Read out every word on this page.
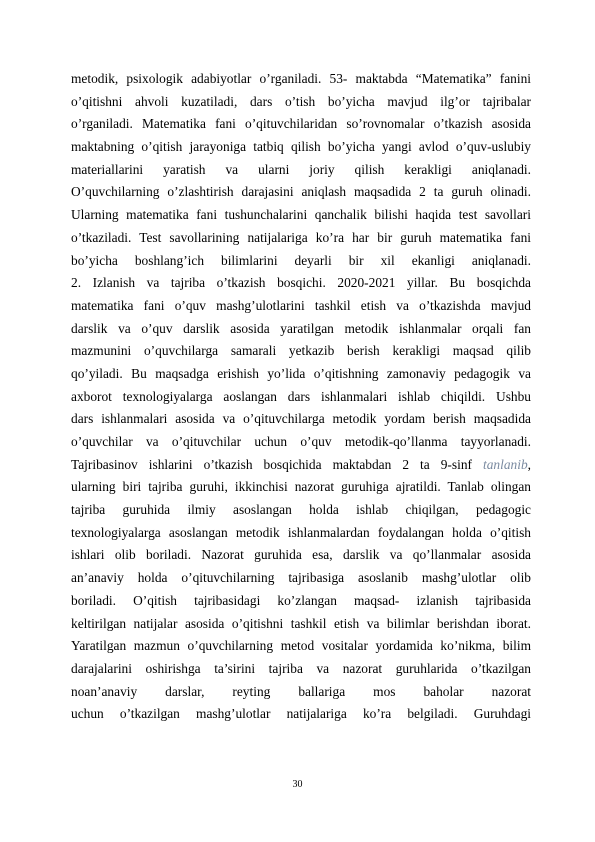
metodik, psixologik adabiyotlar o’rganiladi. 53- maktabda “Matematika” fanini
o’qitishni ahvoli kuzatiladi, dars o’tish bo’yicha mavjud ilg’or tajribalar
o’rganiladi. Matematika fani o’qituvchilaridan so’rovnomalar o’tkazish asosida
maktabning o’qitish jarayoniga tatbiq qilish bo’yicha yangi avlod o’quv-uslubiy
materiallarini yaratish va ularni joriy qilish kerakligi aniqlanadi.
O’quvchilarning o’zlashtirish darajasini aniqlash maqsadida 2 ta guruh olinadi.
Ularning matematika fani tushunchalarini qanchalik bilishi haqida test savollari
o’tkaziladi. Test savollarining natijalariga ko’ra har bir guruh matematika fani
bo’yicha boshlang’ich bilimlarini deyarli bir xil ekanligi aniqlanadi.
2. Izlanish va tajriba o’tkazish bosqichi. 2020-2021 yillar. Bu bosqichda
matematika fani o’quv mashg’ulotlarini tashkil etish va o’tkazishda mavjud
darslik va o’quv darslik asosida yaratilgan metodik ishlanmalar orqali fan
mazmunini o’quvchilarga samarali yetkazib berish kerakligi maqsad qilib
qo’yiladi. Bu maqsadga erishish yo’lida o’qitishning zamonaviy pedagogik va
axborot texnologiyalarga aoslangan dars ishlanmalari ishlab chiqildi. Ushbu
dars ishlanmalari asosida va o’qituvchilarga metodik yordam berish maqsadida
o’quvchilar va o’qituvchilar uchun o’quv metodik-qo’llanma tayyorlanadi.
Tajribasinov ishlarini o’tkazish bosqichida maktabdan 2 ta 9-sinf tanlanib,
ularning biri tajriba guruhi, ikkinchisi nazorat guruhiga ajratildi. Tanlab olingan
tajriba guruhida ilmiy asoslangan holda ishlab chiqilgan, pedagogic
texnologiyalarga asoslangan metodik ishlanmalardan foydalangan holda o’qitish
ishlari olib boriladi. Nazorat guruhida esa, darslik va qo’llanmalar asosida
an’anaviy holda o’qituvchilarning tajribasiga asoslanib mashg’ulotlar olib
boriladi. O’qitish tajribasidagi ko’zlangan maqsad- izlanish tajribasida
keltirilgan natijalar asosida o’qitishni tashkil etish va bilimlar berishdan iborat.
Yaratilgan mazmun o’quvchilarning metod vositalar yordamida ko’nikma, bilim
darajalarini oshirishga ta’sirini tajriba va nazorat guruhlarida o’tkazilgan
noan’anaviy darslar, reyting ballariga mos baholar nazorat
uchun o’tkazilgan mashg’ulotlar natijalariga ko’ra belgiladi. Guruhdagi
30
